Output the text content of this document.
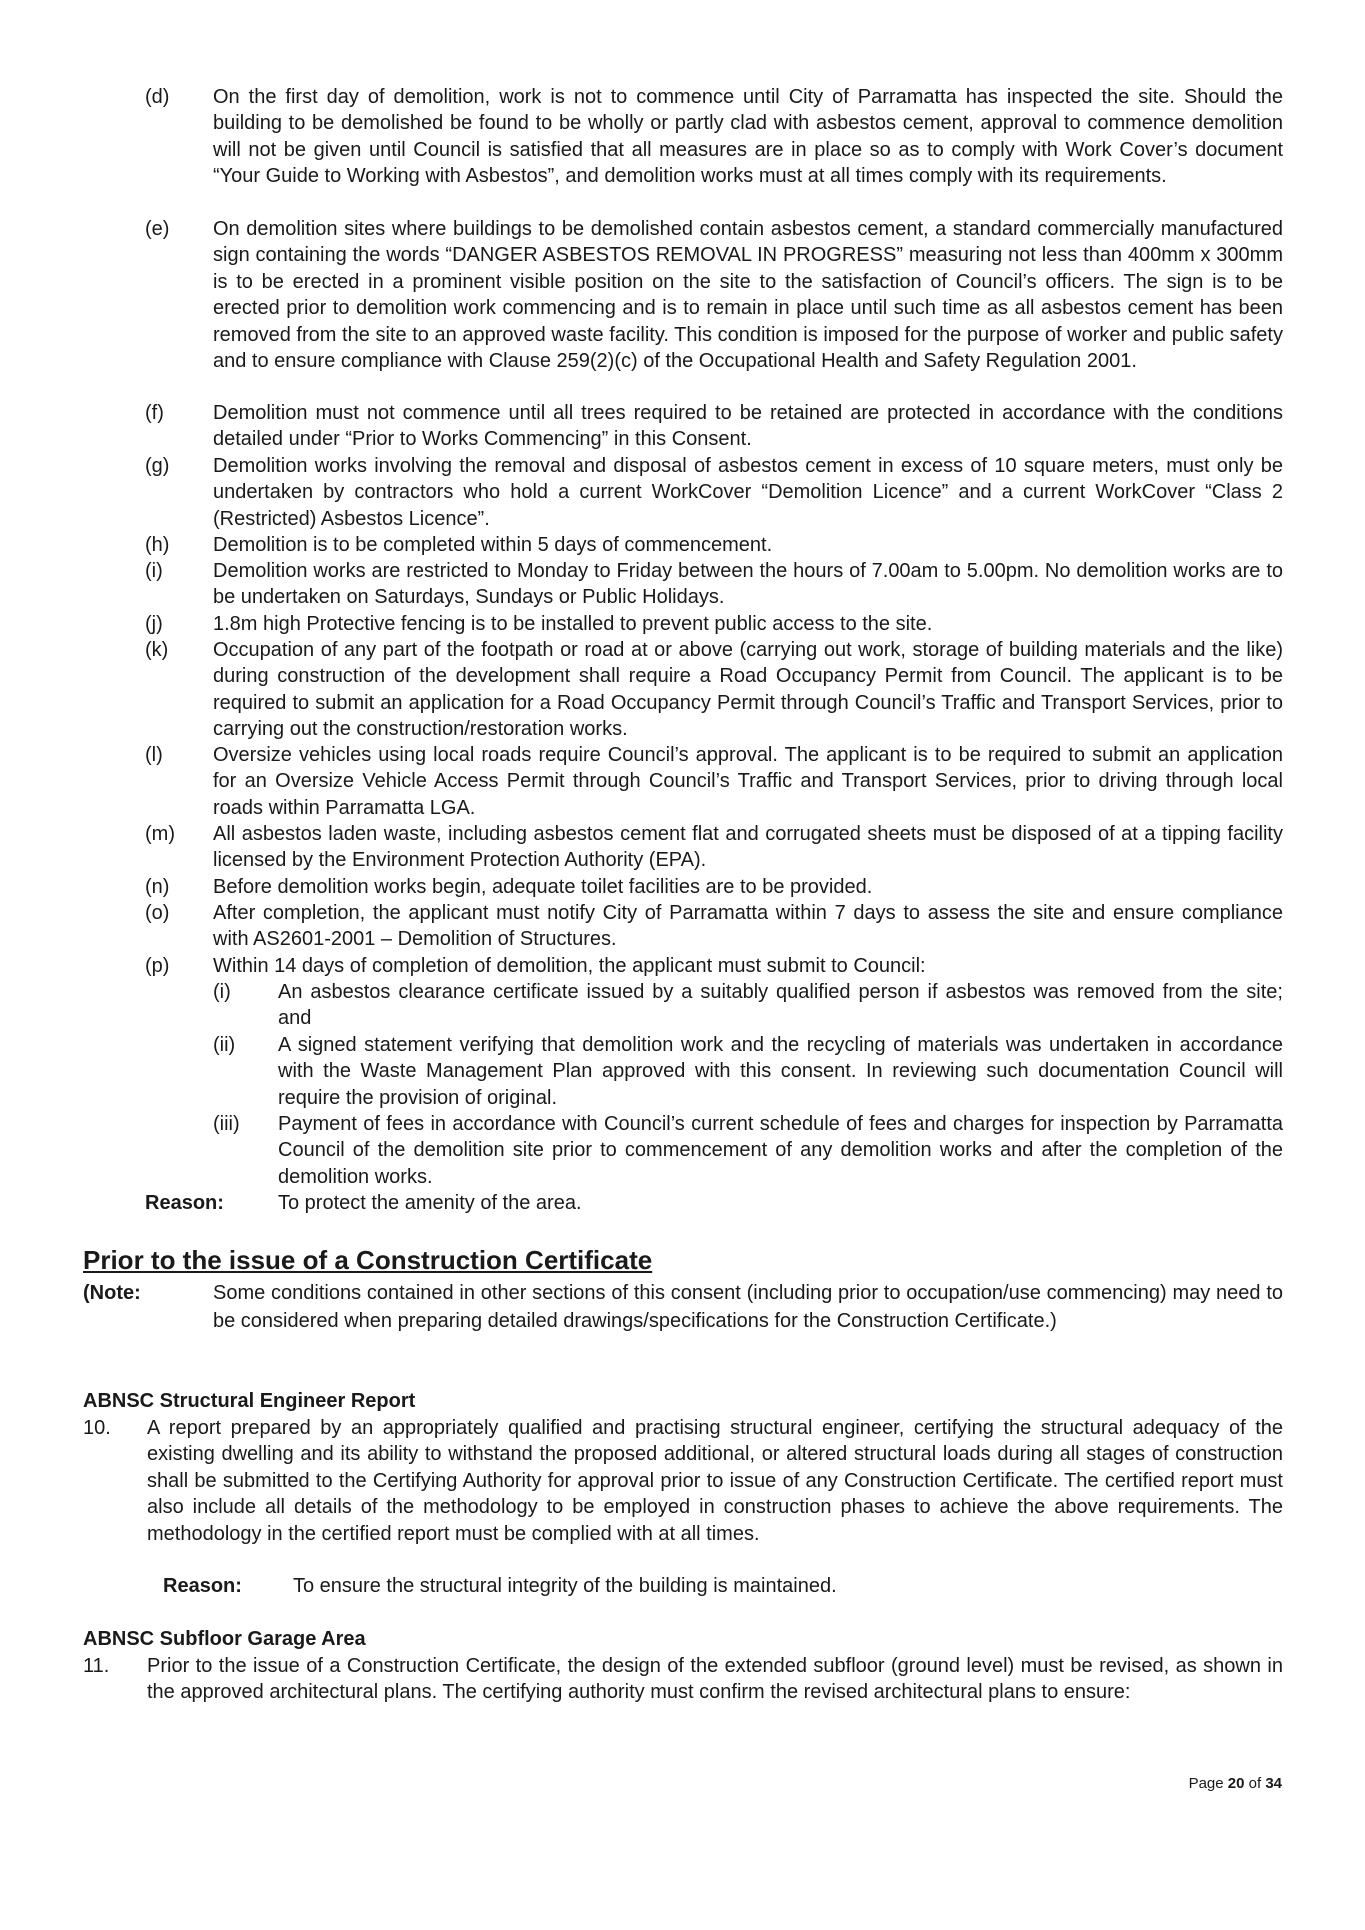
(d)	On the first day of demolition, work is not to commence until City of Parramatta has inspected the site. Should the building to be demolished be found to be wholly or partly clad with asbestos cement, approval to commence demolition will not be given until Council is satisfied that all measures are in place so as to comply with Work Cover’s document “Your Guide to Working with Asbestos”, and demolition works must at all times comply with its requirements.
(e)	On demolition sites where buildings to be demolished contain asbestos cement, a standard commercially manufactured sign containing the words “DANGER ASBESTOS REMOVAL IN PROGRESS” measuring not less than 400mm x 300mm is to be erected in a prominent visible position on the site to the satisfaction of Council’s officers. The sign is to be erected prior to demolition work commencing and is to remain in place until such time as all asbestos cement has been removed from the site to an approved waste facility. This condition is imposed for the purpose of worker and public safety and to ensure compliance with Clause 259(2)(c) of the Occupational Health and Safety Regulation 2001.
(f)	Demolition must not commence until all trees required to be retained are protected in accordance with the conditions detailed under “Prior to Works Commencing” in this Consent.
(g)	Demolition works involving the removal and disposal of asbestos cement in excess of 10 square meters, must only be undertaken by contractors who hold a current WorkCover “Demolition Licence” and a current WorkCover “Class 2 (Restricted) Asbestos Licence”.
(h)	Demolition is to be completed within 5 days of commencement.
(i)	Demolition works are restricted to Monday to Friday between the hours of 7.00am to 5.00pm. No demolition works are to be undertaken on Saturdays, Sundays or Public Holidays.
(j)	1.8m high Protective fencing is to be installed to prevent public access to the site.
(k)	Occupation of any part of the footpath or road at or above (carrying out work, storage of building materials and the like) during construction of the development shall require a Road Occupancy Permit from Council. The applicant is to be required to submit an application for a Road Occupancy Permit through Council’s Traffic and Transport Services, prior to carrying out the construction/restoration works.
(l)	Oversize vehicles using local roads require Council’s approval. The applicant is to be required to submit an application for an Oversize Vehicle Access Permit through Council’s Traffic and Transport Services, prior to driving through local roads within Parramatta LGA.
(m)	All asbestos laden waste, including asbestos cement flat and corrugated sheets must be disposed of at a tipping facility licensed by the Environment Protection Authority (EPA).
(n)	Before demolition works begin, adequate toilet facilities are to be provided.
(o)	After completion, the applicant must notify City of Parramatta within 7 days to assess the site and ensure compliance with AS2601-2001 – Demolition of Structures.
(p)	Within 14 days of completion of demolition, the applicant must submit to Council:
(i)	An asbestos clearance certificate issued by a suitably qualified person if asbestos was removed from the site; and
(ii)	A signed statement verifying that demolition work and the recycling of materials was undertaken in accordance with the Waste Management Plan approved with this consent. In reviewing such documentation Council will require the provision of original.
(iii)	Payment of fees in accordance with Council’s current schedule of fees and charges for inspection by Parramatta Council of the demolition site prior to commencement of any demolition works and after the completion of the demolition works.
Reason:	To protect the amenity of the area.
Prior to the issue of a Construction Certificate
(Note:	Some conditions contained in other sections of this consent (including prior to occupation/use commencing) may need to be considered when preparing detailed drawings/specifications for the Construction Certificate.)
ABNSC Structural Engineer Report
10.	A report prepared by an appropriately qualified and practising structural engineer, certifying the structural adequacy of the existing dwelling and its ability to withstand the proposed additional, or altered structural loads during all stages of construction shall be submitted to the Certifying Authority for approval prior to issue of any Construction Certificate. The certified report must also include all details of the methodology to be employed in construction phases to achieve the above requirements. The methodology in the certified report must be complied with at all times.
Reason:	To ensure the structural integrity of the building is maintained.
ABNSC Subfloor Garage Area
11.	Prior to the issue of a Construction Certificate, the design of the extended subfloor (ground level) must be revised, as shown in the approved architectural plans. The certifying authority must confirm the revised architectural plans to ensure:
Page 20 of 34
